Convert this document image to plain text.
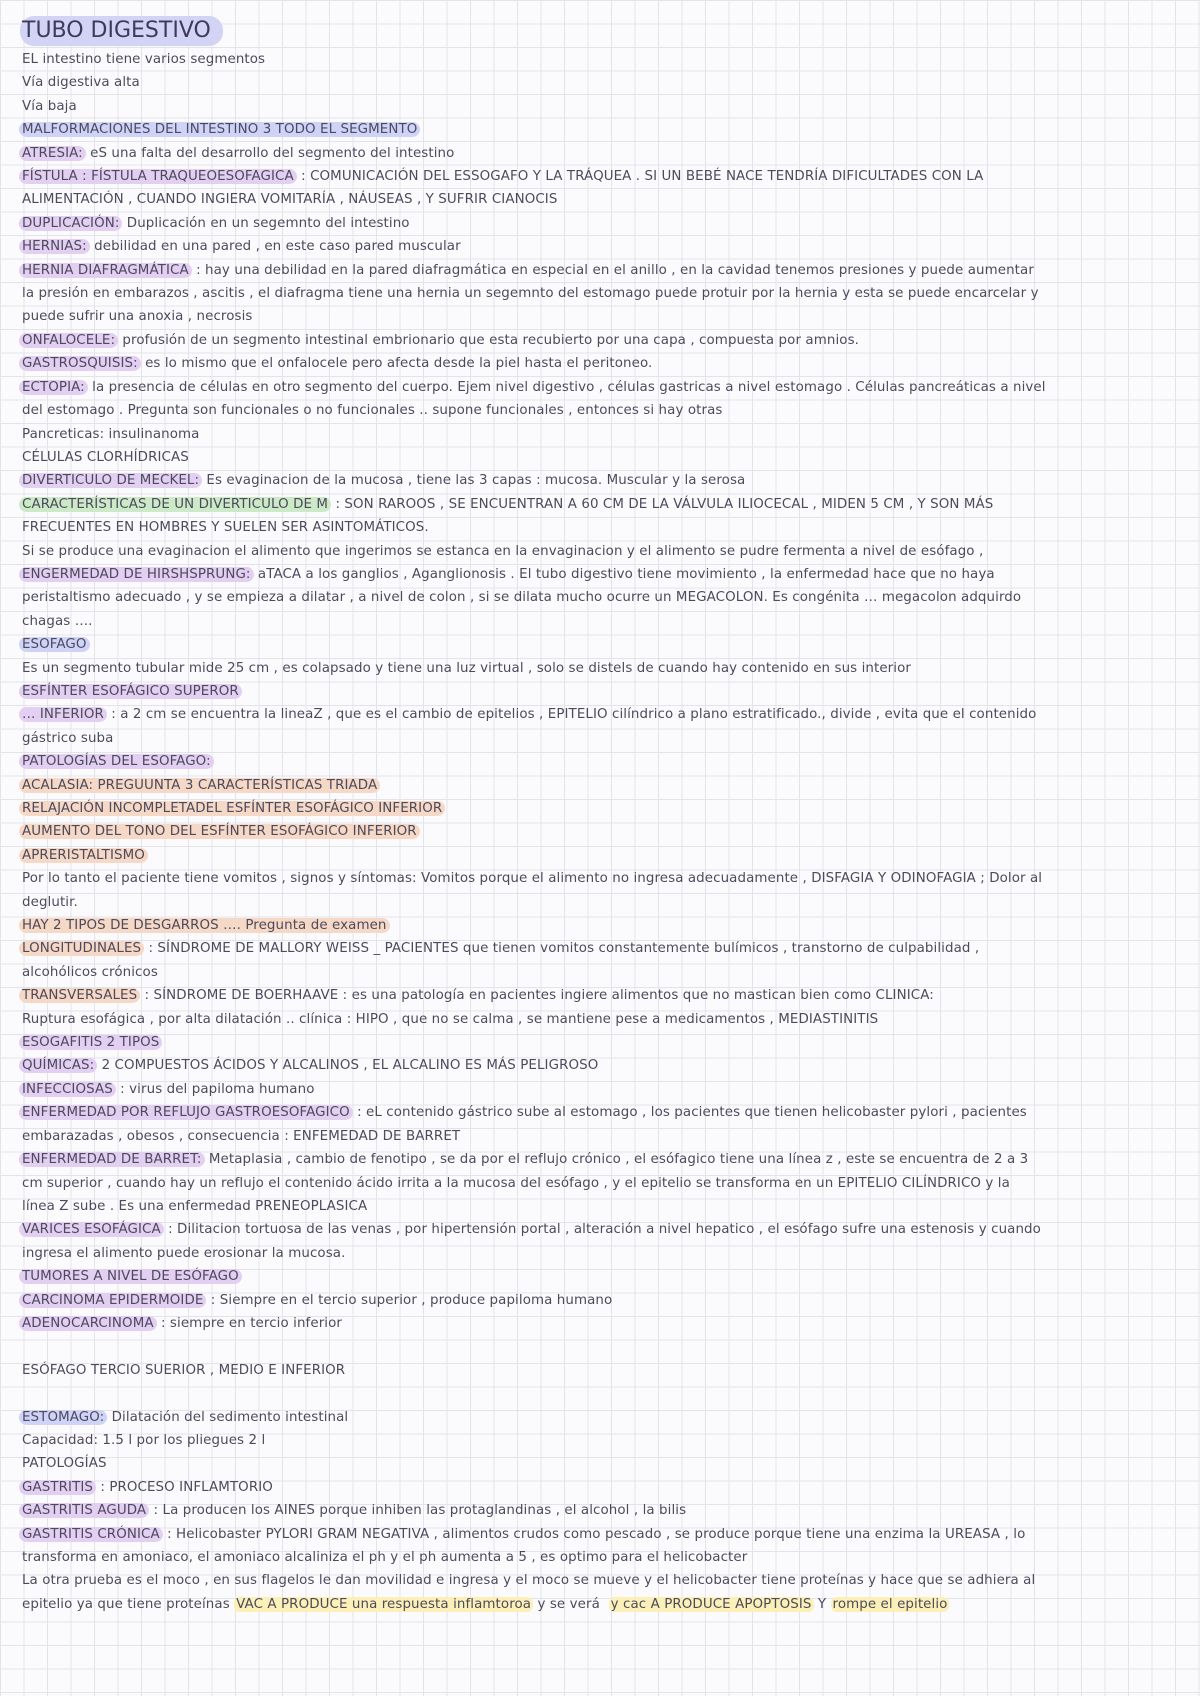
TUBO DIGESTIVO
EL intestino tiene varios segmentos
Vía digestiva alta
Vía baja
MALFORMACIONES DEL INTESTINO 3 TODO EL SEGMENTO
ATRESIA: eS una falta del desarrollo del segmento del intestino
FÍSTULA : FÍSTULA TRAQUEOESOFAGICA : COMUNICACIÓN DEL ESSOGAFO Y LA TRÁQUEA . SI UN BEBÉ NACE TENDRÍA DIFICULTADES CON LA
ALIMENTACIÓN , CUANDO INGIERA VOMITARÍA , NÁUSEAS , Y SUFRIR CIANOCIS
DUPLICACIÓN: Duplicación en un segemnto del intestino
HERNIAS: debilidad en una pared , en este caso pared muscular
HERNIA DIAFRAGMÁTICA : hay una debilidad en la pared diafragmática en especial en el anillo , en la cavidad tenemos presiones y puede aumentar
la presión en embarazos , ascitis , el diafragma tiene una hernia un segemnto del estomago puede protuir por la hernia y esta se puede encarcelar y
puede sufrir una anoxia , necrosis
ONFALOCELE: profusión de un segmento intestinal embrionario que esta recubierto por una capa , compuesta por amnios.
GASTROSQUISIS: es lo mismo que el onfalocele pero afecta desde la piel hasta el peritoneo.
ECTOPIA: la presencia de células en otro segmento del cuerpo. Ejem nivel digestivo , células gastricas a nivel estomago . Células pancreáticas a nivel
del estomago . Pregunta son funcionales o no funcionales .. supone funcionales , entonces si hay otras
Pancreticas: insulinanoma
CÉLULAS CLORHÍDRICAS
DIVERTICULO DE MECKEL: Es evaginacion de la mucosa , tiene las 3 capas : mucosa. Muscular y la serosa
CARACTERÍSTICAS DE UN DIVERTICULO DE M : SON RAROOS , SE ENCUENTRAN A 60 CM DE LA VÁLVULA ILIOCECAL , MIDEN 5 CM , Y SON MÁS
FRECUENTES EN HOMBRES Y SUELEN SER ASINTOMÁTICOS.
Si se produce una evaginacion el alimento que ingerimos se estanca en la envaginacion y el alimento se pudre fermenta a nivel de esófago ,
ENGERMEDAD DE HIRSHSPRUNG: aTACA a los ganglios , Aganglionosis . El tubo digestivo tiene movimiento , la enfermedad hace que no haya
peristaltismo adecuado , y se empieza a dilatar , a nivel de colon , si se dilata mucho ocurre un MEGACOLON. Es congénita … megacolon adquirdo
chagas ….
ESOFAGO
Es un segmento tubular mide 25 cm , es colapsado y tiene una luz virtual , solo se distels de cuando hay contenido en sus interior
ESFÍNTER ESOFÁGICO SUPEROR
… INFERIOR : a 2 cm se encuentra la lineaZ , que es el cambio de epitelios , EPITELIO cilíndrico a plano estratificado., divide , evita que el contenido
gástrico suba
PATOLOGÍAS DEL ESOFAGO:
ACALASIA: PREGUUNTA 3 CARACTERÍSTICAS TRIADA
RELAJACIÓN INCOMPLETADEL ESFÍNTER ESOFÁGICO INFERIOR
AUMENTO DEL TONO DEL ESFÍNTER ESOFÁGICO INFERIOR
APRERISTALTISMO
Por lo tanto el paciente tiene vomitos , signos y síntomas: Vomitos porque el alimento no ingresa adecuadamente , DISFAGIA Y ODINOFAGIA ; Dolor al
deglutir.
HAY 2 TIPOS DE DESGARROS …. Pregunta de examen
LONGITUDINALES : SÍNDROME DE MALLORY WEISS _ PACIENTES que tienen vomitos constantemente bulímicos , transtorno de culpabilidad ,
alcohólicos crónicos
TRANSVERSALES : SÍNDROME DE BOERHAAVE : es una patología en pacientes ingiere alimentos que no mastican bien como CLINICA:
Ruptura esofágica , por alta dilatación .. clínica : HIPO , que no se calma , se mantiene pese a medicamentos , MEDIASTINITIS
ESOGAFITIS 2 TIPOS
QUÍMICAS: 2 COMPUESTOS ÁCIDOS Y ALCALINOS , EL ALCALINO ES MÁS PELIGROSO
INFECCIOSAS : virus del papiloma humano
ENFERMEDAD POR REFLUJO GASTROESOFAGICO : eL contenido gástrico sube al estomago , los pacientes que tienen helicobaster pylori , pacientes
embarazadas , obesos , consecuencia : ENFEMEDAD DE BARRET
ENFERMEDAD DE BARRET: Metaplasia , cambio de fenotipo , se da por el reflujo crónico , el esófagico tiene una línea z , este se encuentra de 2 a 3
cm superior , cuando hay un reflujo el contenido ácido irrita a la mucosa del esófago , y el epitelio se transforma en un EPITELIO CILÍNDRICO y la
línea Z sube . Es una enfermedad PRENEOPLASICA
VARICES ESOFÁGICA : Dilitacion tortuosa de las venas , por hipertensión portal , alteración a nivel hepatico , el esófago sufre una estenosis y cuando
ingresa el alimento puede erosionar la mucosa.
TUMORES A NIVEL DE ESÓFAGO
CARCINOMA EPIDERMOIDE : Siempre en el tercio superior , produce papiloma humano
ADENOCARCINOMA : siempre en tercio inferior

ESÓFAGO TERCIO SUERIOR , MEDIO E INFERIOR

ESTOMAGO: Dilatación del sedimento intestinal
Capacidad: 1.5 l por los pliegues 2 l
PATOLOGÍAS
GASTRITIS : PROCESO INFLAMTORIO
GASTRITIS AGUDA : La producen los AINES porque inhiben las protaglandinas , el alcohol , la bilis
GASTRITIS CRÓNICA : Helicobaster PYLORI GRAM NEGATIVA , alimentos crudos como pescado , se produce porque tiene una enzima la UREASA , lo
transforma en amoniaco, el amoniaco alcaliniza el ph y el ph aumenta a 5 , es optimo para el helicobacter
La otra prueba es el moco , en sus flagelos le dan movilidad e ingresa y el moco se mueve y el helicobacter tiene proteínas y hace que se adhiera al
epitelio ya que tiene proteínas VAC A PRODUCE una respuesta inflamtoroa y se verá  y cac A PRODUCE APOPTOSIS Y rompe el epitelio
